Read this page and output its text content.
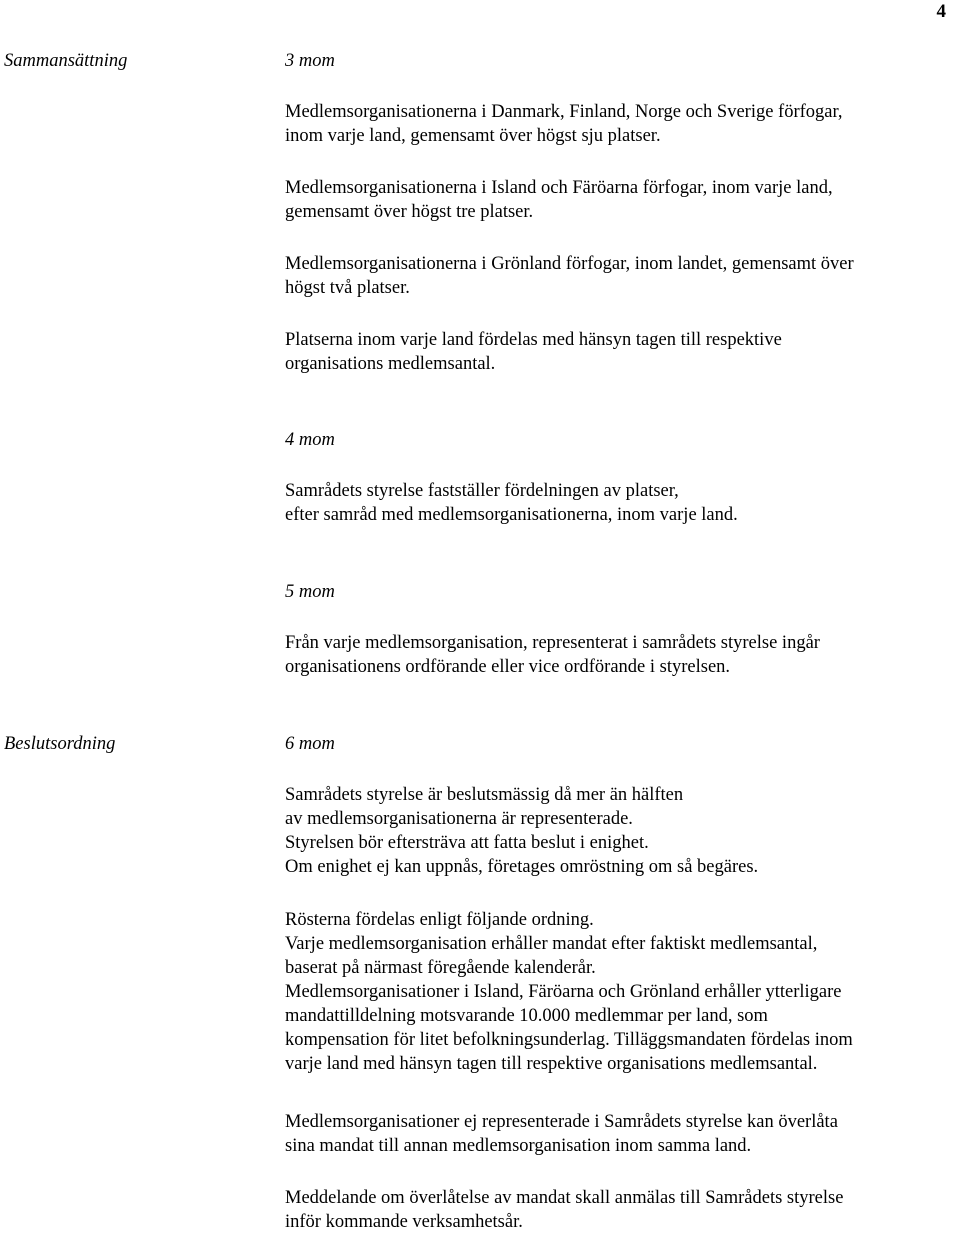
4
Sammansättning	3 mom
Medlemsorganisationerna i Danmark, Finland, Norge och Sverige förfogar,
inom varje land, gemensamt över högst sju platser.
Medlemsorganisationerna i Island och Färöarna förfogar, inom varje land,
gemensamt över högst tre platser.
Medlemsorganisationerna i Grönland förfogar, inom landet, gemensamt över
högst två platser.
Platserna inom varje land fördelas med hänsyn tagen till respektive
organisations medlemsantal.
4 mom
Samrådets styrelse fastställer fördelningen av platser,
efter samråd med medlemsorganisationerna, inom varje land.
5 mom
Från varje medlemsorganisation, representerat i samrådets styrelse ingår
organisationens ordförande eller vice ordförande i styrelsen.
Beslutsordning	6 mom
Samrådets styrelse är beslutsmässig då mer än hälften
av medlemsorganisationerna är representerade.
Styrelsen bör eftersträva att fatta beslut i enighet.
Om enighet ej kan uppnås, företages omröstning om så begäres.
Rösterna fördelas enligt följande ordning.
Varje medlemsorganisation erhåller mandat efter faktiskt medlemsantal,
baserat på närmast föregående kalenderår.
Medlemsorganisationer i Island, Färöarna och Grönland erhåller ytterligare
mandattilldelning motsvarande 10.000 medlemmar per land, som
kompensation för litet befolkningsunderlag. Tilläggsmandaten fördelas inom
varje land med hänsyn tagen till respektive organisations medlemsantal.
Medlemsorganisationer ej representerade i Samrådets styrelse kan överlåta
sina mandat till annan medlemsorganisation inom samma land.
Meddelande om överlåtelse av mandat skall anmälas till Samrådets styrelse
inför kommande verksamhetsår.
